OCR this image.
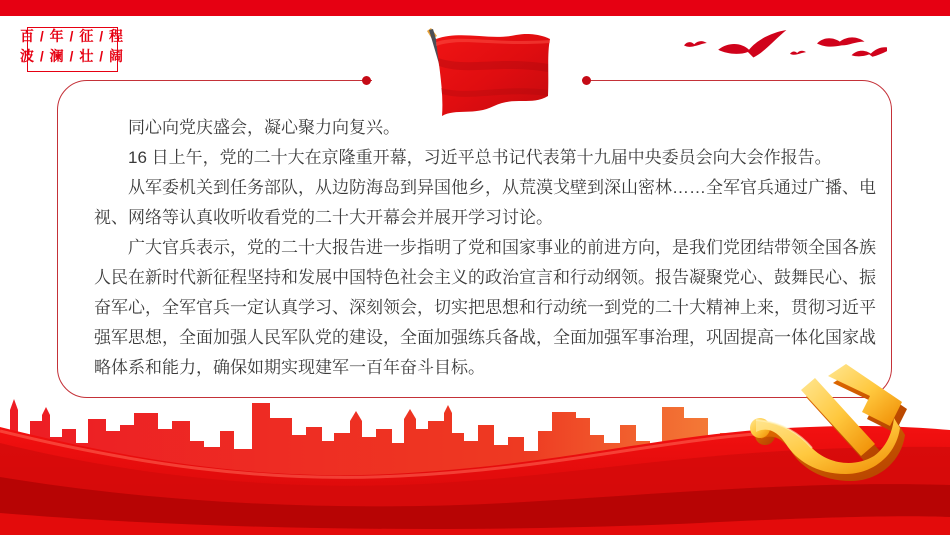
百 / 年 / 征 / 程
波 / 澜 / 壮 / 阔

同心向党庆盛会，凝心聚力向复兴。

16 日上午，党的二十大在京隆重开幕，习近平总书记代表第十九届中央委员会向大会作报告。

从军委机关到任务部队，从边防海岛到异国他乡，从荒漠戈壁到深山密林……全军官兵通过广播、电视、网络等认真收听收看党的二十大开幕会并展开学习讨论。

广大官兵表示，党的二十大报告进一步指明了党和国家事业的前进方向，是我们党团结带领全国各族人民在新时代新征程坚持和发展中国特色社会主义的政治宣言和行动纲领。报告凝聚党心、鼓舞民心、振奋军心，全军官兵一定认真学习、深刻领会，切实把思想和行动统一到党的二十大精神上来，贯彻习近平强军思想，全面加强人民军队党的建设，全面加强练兵备战，全面加强军事治理，巩固提高一体化国家战略体系和能力，确保如期实现建军一百年奋斗目标。
